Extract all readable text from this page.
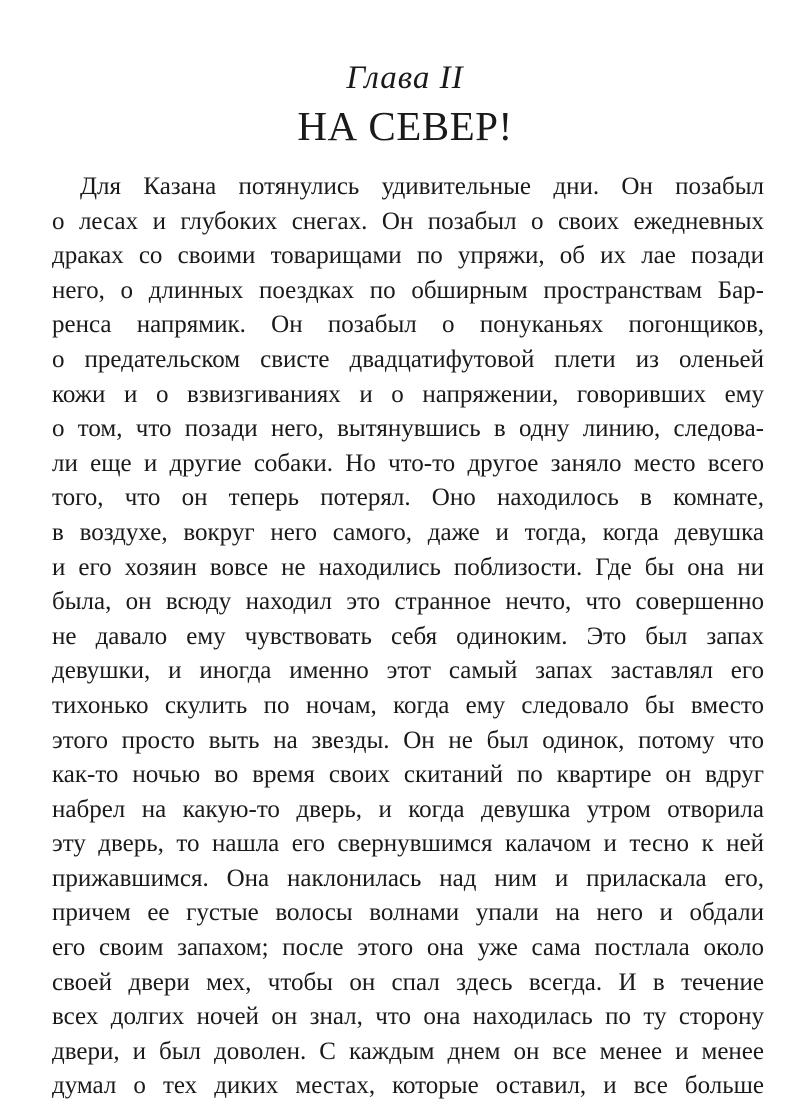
Глава II
НА СЕВЕР!
Для Казана потянулись удивительные дни. Он позабыл
о лесах и глубоких снегах. Он позабыл о своих ежедневных
драках со своими товарищами по упряжи, об их лае позади
него, о длинных поездках по обширным пространствам Бар-
ренса напрямик. Он позабыл о понуканьях погонщиков,
о предательском свисте двадцатифутовой плети из оленьей
кожи и о взвизгиваниях и о напряжении, говоривших ему
о том, что позади него, вытянувшись в одну линию, следова-
ли еще и другие собаки. Но что-то другое заняло место всего
того, что он теперь потерял. Оно находилось в комнате,
в воздухе, вокруг него самого, даже и тогда, когда девушка
и его хозяин вовсе не находились поблизости. Где бы она ни
была, он всюду находил это странное нечто, что совершенно
не давало ему чувствовать себя одиноким. Это был запах
девушки, и иногда именно этот самый запах заставлял его
тихонько скулить по ночам, когда ему следовало бы вместо
этого просто выть на звезды. Он не был одинок, потому что
как-то ночью во время своих скитаний по квартире он вдруг
набрел на какую-то дверь, и когда девушка утром отворила
эту дверь, то нашла его свернувшимся калачом и тесно к ней
прижавшимся. Она наклонилась над ним и приласкала его,
причем ее густые волосы волнами упали на него и обдали
его своим запахом; после этого она уже сама постлала около
своей двери мех, чтобы он спал здесь всегда. И в течение
всех долгих ночей он знал, что она находилась по ту сторону
двери, и был доволен. С каждым днем он все менее и менее
думал о тех диких местах, которые оставил, и все больше
